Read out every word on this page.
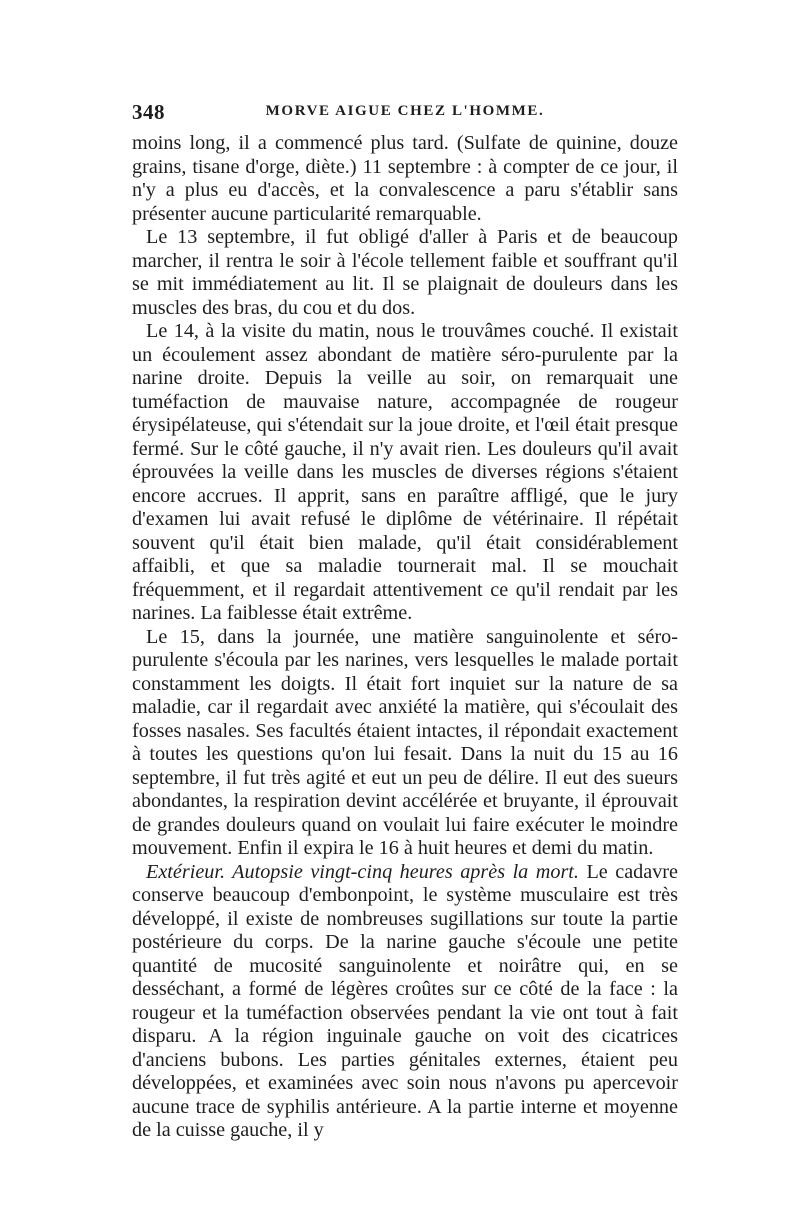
348	MORVE AIGUE CHEZ L'HOMME.

moins long, il a commencé plus tard. (Sulfate de quinine, douze grains, tisane d'orge, diète.) 11 septembre : à compter de ce jour, il n'y a plus eu d'accès, et la convalescence a paru s'établir sans présenter aucune particularité remarquable.

Le 13 septembre, il fut obligé d'aller à Paris et de beaucoup marcher, il rentra le soir à l'école tellement faible et souffrant qu'il se mit immédiatement au lit. Il se plaignait de douleurs dans les muscles des bras, du cou et du dos.

Le 14, à la visite du matin, nous le trouvâmes couché. Il existait un écoulement assez abondant de matière séro-purulente par la narine droite. Depuis la veille au soir, on remarquait une tuméfaction de mauvaise nature, accompagnée de rougeur érysipélateuse, qui s'étendait sur la joue droite, et l'œil était presque fermé. Sur le côté gauche, il n'y avait rien. Les douleurs qu'il avait éprouvées la veille dans les muscles de diverses régions s'étaient encore accrues. Il apprit, sans en paraître affligé, que le jury d'examen lui avait refusé le diplôme de vétérinaire. Il répétait souvent qu'il était bien malade, qu'il était considérablement affaibli, et que sa maladie tournerait mal. Il se mouchait fréquemment, et il regardait attentivement ce qu'il rendait par les narines. La faiblesse était extrême.

Le 15, dans la journée, une matière sanguinolente et séro-purulente s'écoula par les narines, vers lesquelles le malade portait constamment les doigts. Il était fort inquiet sur la nature de sa maladie, car il regardait avec anxiété la matière, qui s'écoulait des fosses nasales. Ses facultés étaient intactes, il répondait exactement à toutes les questions qu'on lui fesait. Dans la nuit du 15 au 16 septembre, il fut très agité et eut un peu de délire. Il eut des sueurs abondantes, la respiration devint accélérée et bruyante, il éprouvait de grandes douleurs quand on voulait lui faire exécuter le moindre mouvement. Enfin il expira le 16 à huit heures et demi du matin.

Extérieur. Autopsie vingt-cinq heures après la mort. Le cadavre conserve beaucoup d'embonpoint, le système musculaire est très développé, il existe de nombreuses sugillations sur toute la partie postérieure du corps. De la narine gauche s'écoule une petite quantité de mucosité sanguinolente et noirâtre qui, en se desséchant, a formé de légères croûtes sur ce côté de la face : la rougeur et la tuméfaction observées pendant la vie ont tout à fait disparu. A la région inguinale gauche on voit des cicatrices d'anciens bubons. Les parties génitales externes, étaient peu développées, et examinées avec soin nous n'avons pu apercevoir aucune trace de syphilis antérieure. A la partie interne et moyenne de la cuisse gauche, il y
